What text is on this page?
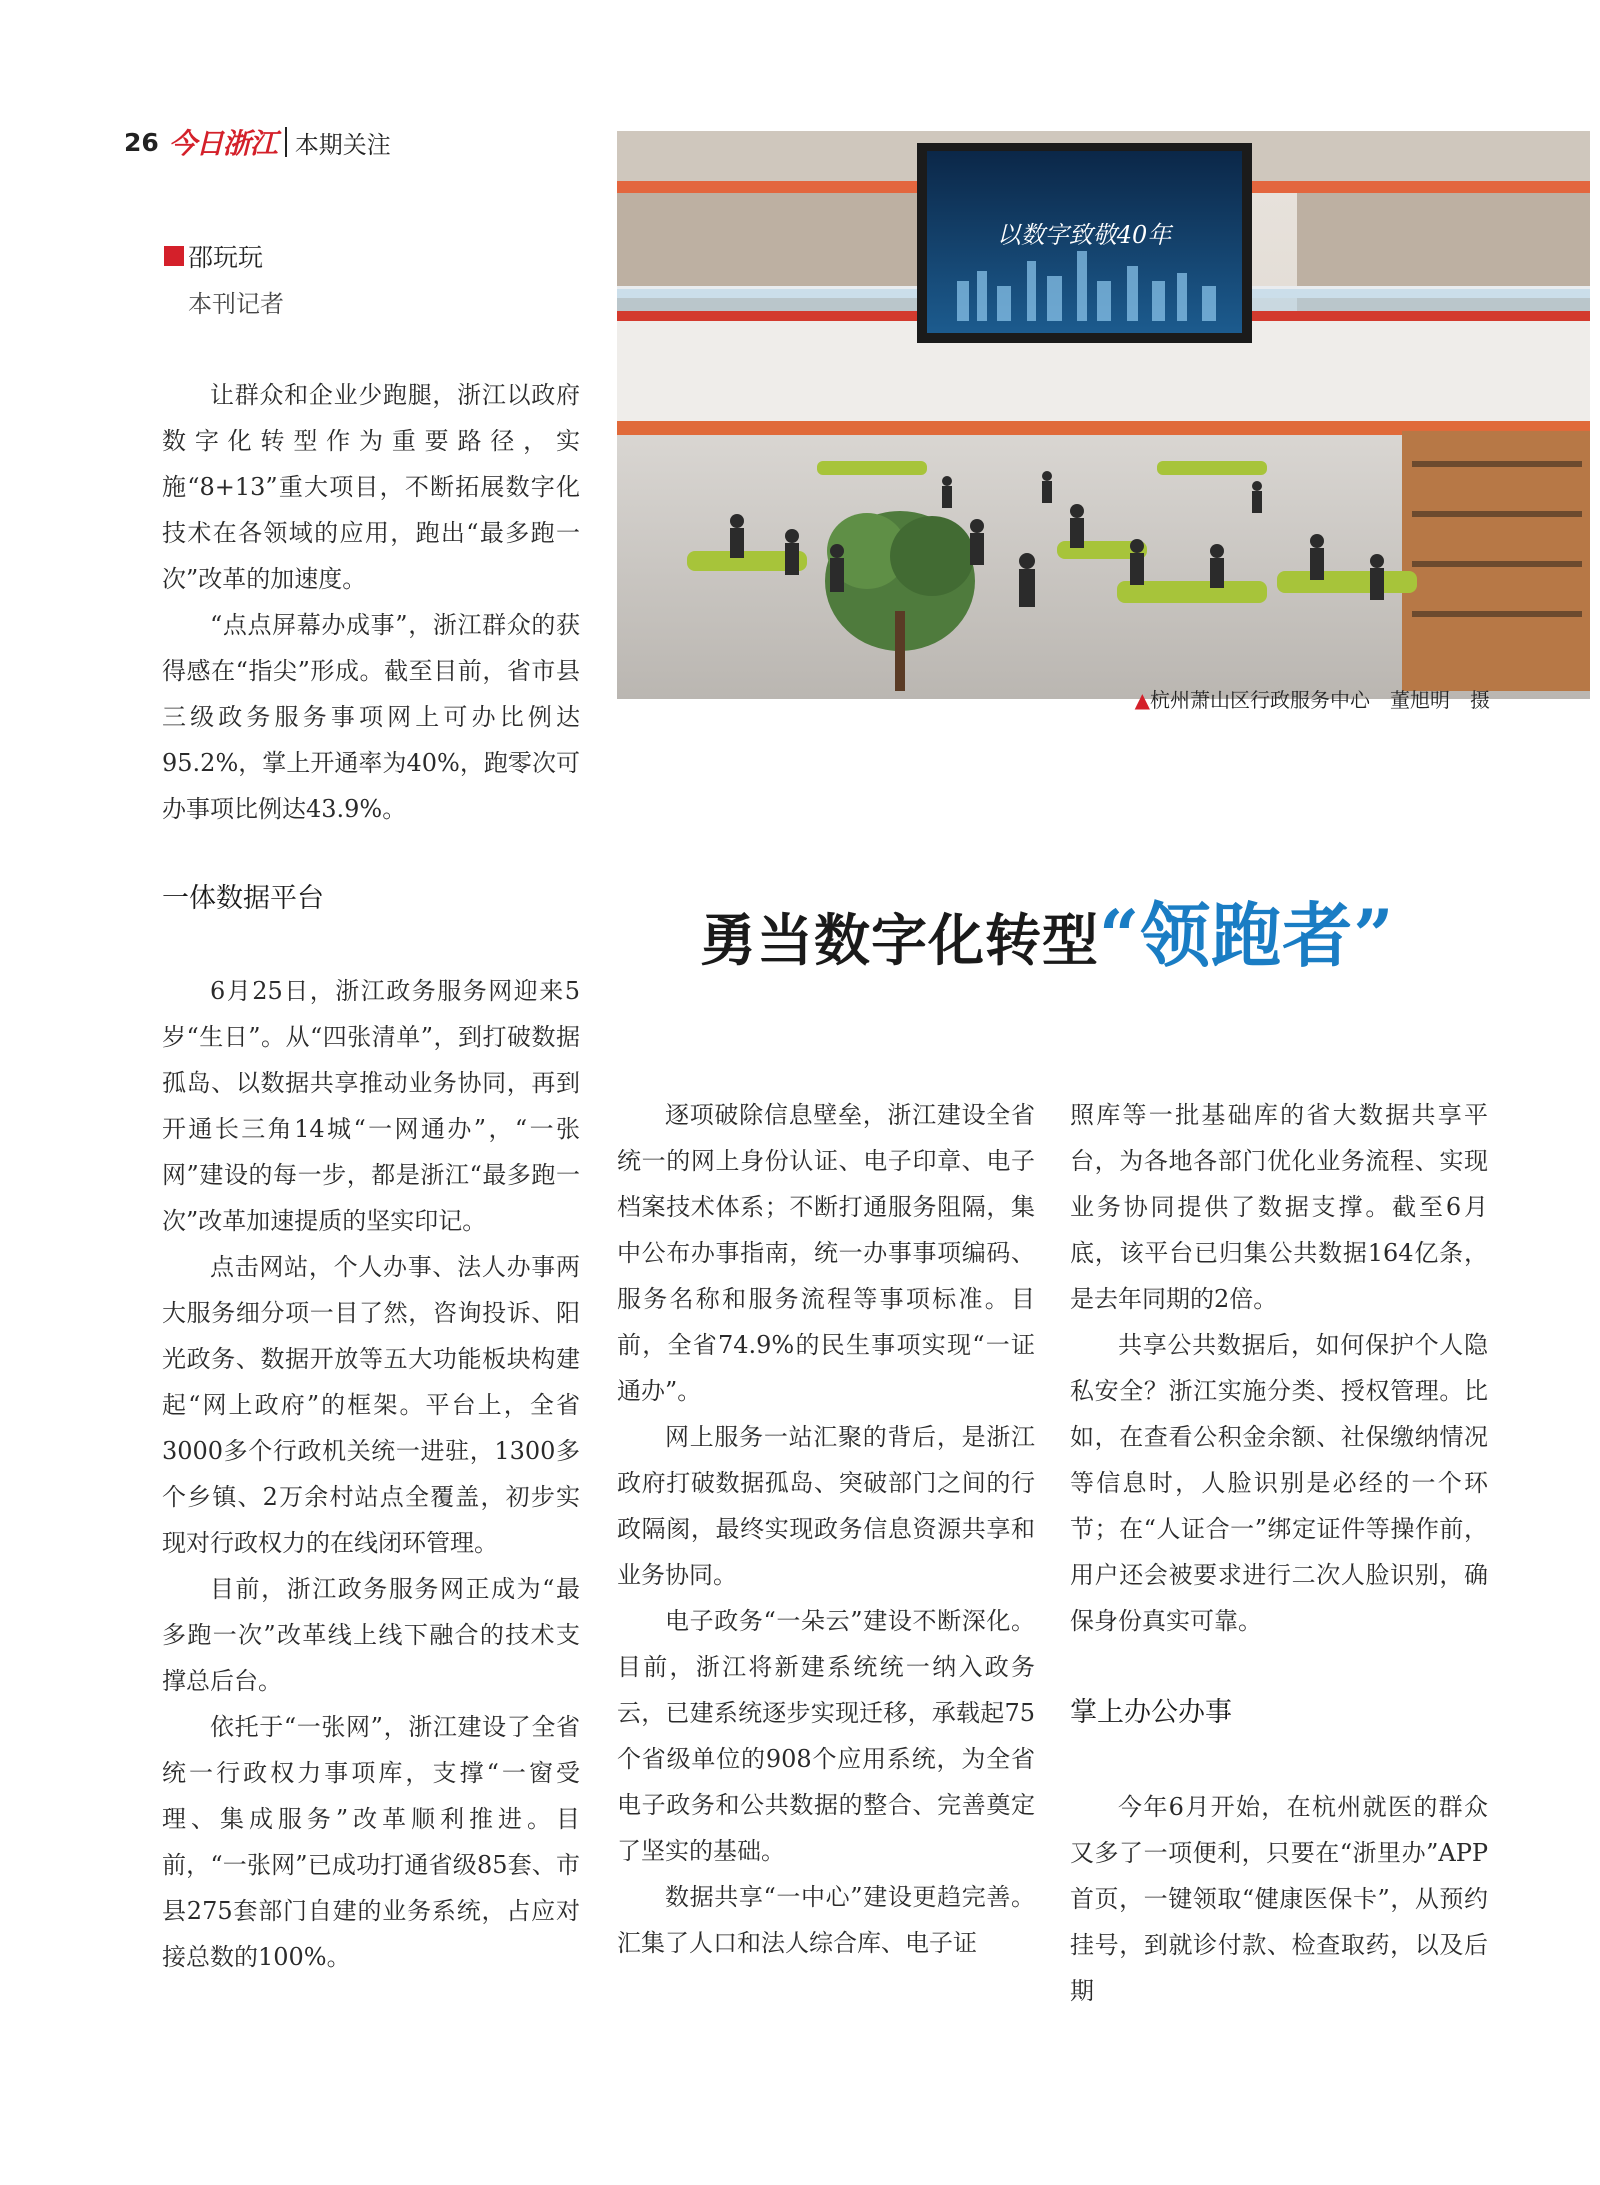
26 今日浙江 本期关注
邵玩玩
本刊记者
以数字致敬40年
▲杭州萧山区行政服务中心　董旭明　摄
勇当数字化转型“领跑者”

让群众和企业少跑腿，浙江以政府数字化转型作为重要路径，实施“8+13”重大项目，不断拓展数字化技术在各领域的应用，跑出“最多跑一次”改革的加速度。

“点点屏幕办成事”，浙江群众的获得感在“指尖”形成。截至目前，省市县三级政务服务事项网上可办比例达95.2%，掌上开通率为40%，跑零次可办事项比例达43.9%。

一体数据平台

6月25日，浙江政务服务网迎来5岁“生日”。从“四张清单”，到打破数据孤岛、以数据共享推动业务协同，再到开通长三角14城“一网通办”，“一张网”建设的每一步，都是浙江“最多跑一次”改革加速提质的坚实印记。

点击网站，个人办事、法人办事两大服务细分项一目了然，咨询投诉、阳光政务、数据开放等五大功能板块构建起“网上政府”的框架。平台上，全省3000多个行政机关统一进驻，1300多个乡镇、2万余村站点全覆盖，初步实现对行政权力的在线闭环管理。

目前，浙江政务服务网正成为“最多跑一次”改革线上线下融合的技术支撑总后台。

依托于“一张网”，浙江建设了全省统一行政权力事项库，支撑“一窗受理、集成服务”改革顺利推进。目前，“一张网”已成功打通省级85套、市县275套部门自建的业务系统，占应对接总数的100%。

逐项破除信息壁垒，浙江建设全省统一的网上身份认证、电子印章、电子档案技术体系；不断打通服务阻隔，集中公布办事指南，统一办事事项编码、服务名称和服务流程等事项标准。目前，全省74.9%的民生事项实现“一证通办”。

网上服务一站汇聚的背后，是浙江政府打破数据孤岛、突破部门之间的行政隔阂，最终实现政务信息资源共享和业务协同。

电子政务“一朵云”建设不断深化。目前，浙江将新建系统统一纳入政务云，已建系统逐步实现迁移，承载起75个省级单位的908个应用系统，为全省电子政务和公共数据的整合、完善奠定了坚实的基础。

数据共享“一中心”建设更趋完善。汇集了人口和法人综合库、电子证

照库等一批基础库的省大数据共享平台，为各地各部门优化业务流程、实现业务协同提供了数据支撑。截至6月底，该平台已归集公共数据164亿条，是去年同期的2倍。

共享公共数据后，如何保护个人隐私安全？浙江实施分类、授权管理。比如，在查看公积金余额、社保缴纳情况等信息时，人脸识别是必经的一个环节；在“人证合一”绑定证件等操作前，用户还会被要求进行二次人脸识别，确保身份真实可靠。

掌上办公办事

今年6月开始，在杭州就医的群众又多了一项便利，只要在“浙里办”APP首页，一键领取“健康医保卡”，从预约挂号，到就诊付款、检查取药，以及后期
